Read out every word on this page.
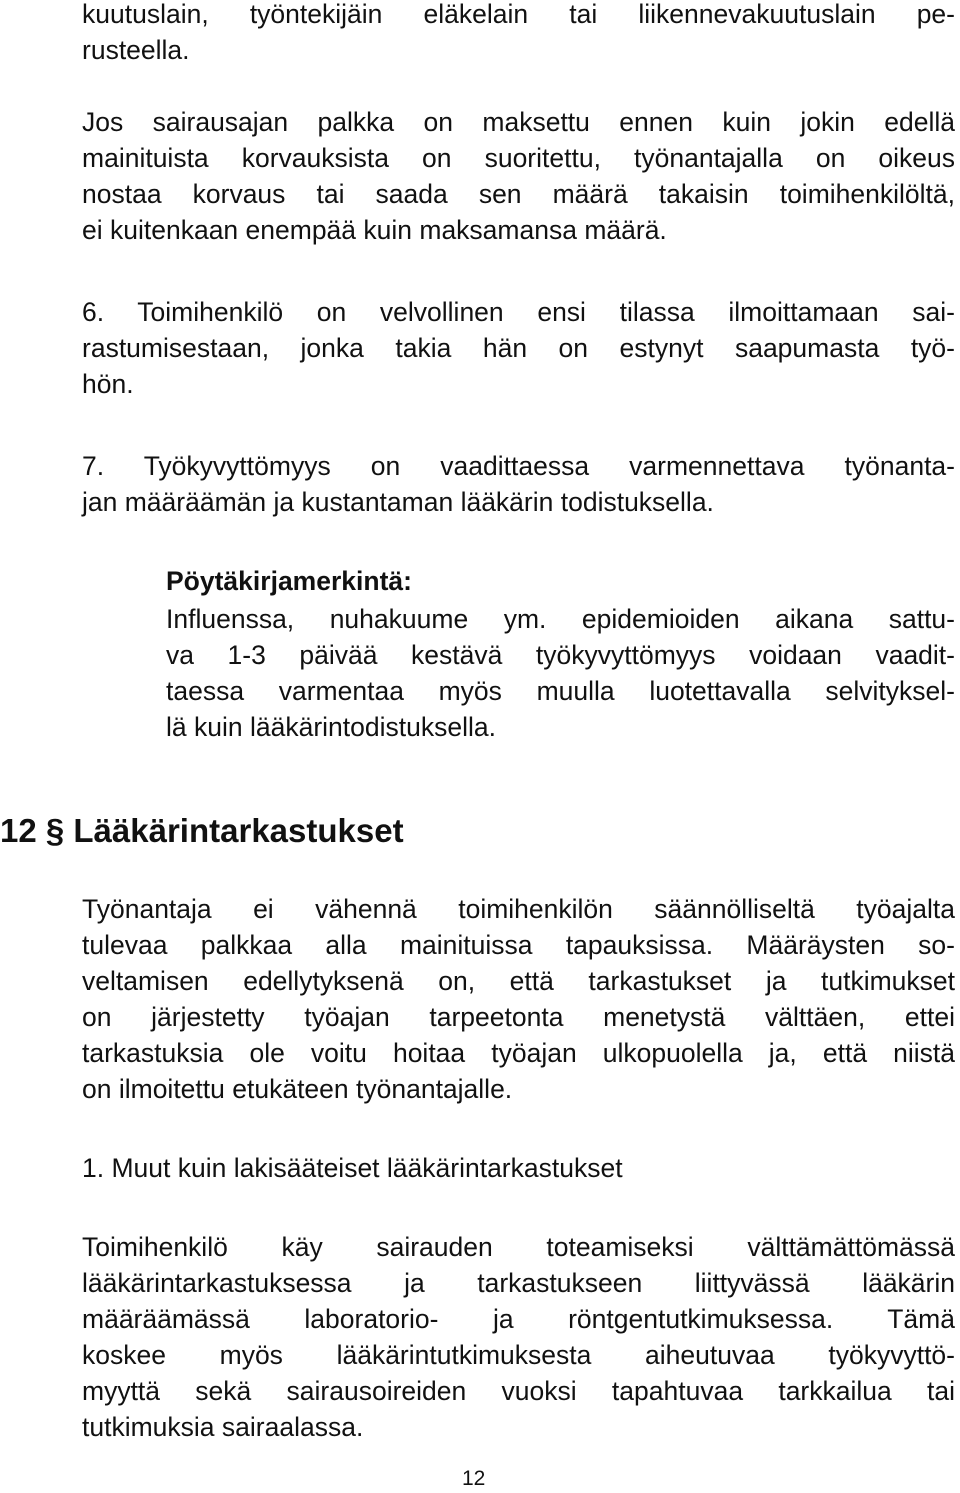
kuutuslain, työntekijäin eläkelain tai liikennevakuutuslain pe-

rusteella.

Jos sairausajan palkka on maksettu ennen kuin jokin edellä

mainituista korvauksista on suoritettu, työnantajalla on oikeus

nostaa korvaus tai saada sen määrä takaisin toimihenkilöltä,

ei kuitenkaan enempää kuin maksamansa määrä.

6. Toimihenkilö on velvollinen ensi tilassa ilmoittamaan sai-

rastumisestaan, jonka takia hän on estynyt saapumasta työ-

hön.

7. Työkyvyttömyys on vaadittaessa varmennettava työnanta-

jan määräämän ja kustantaman lääkärin todistuksella.

Pöytäkirjamerkintä:

Influenssa, nuhakuume ym. epidemioiden aikana sattu-

va 1-3 päivää kestävä työkyvyttömyys voidaan vaadit-

taessa varmentaa myös muulla luotettavalla selvityksel-

lä kuin lääkärintodistuksella.

12 § Lääkärintarkastukset

Työnantaja ei vähennä toimihenkilön säännölliseltä työajalta

tulevaa palkkaa alla mainituissa tapauksissa. Määräysten so-

veltamisen edellytyksenä on, että tarkastukset ja tutkimukset

on järjestetty työajan tarpeetonta menetystä välttäen, ettei

tarkastuksia ole voitu hoitaa työajan ulkopuolella ja, että niistä

on ilmoitettu etukäteen työnantajalle.

1. Muut kuin lakisääteiset lääkärintarkastukset

Toimihenkilö käy sairauden toteamiseksi välttämättömässä

lääkärintarkastuksessa ja tarkastukseen liittyvässä lääkärin

määräämässä laboratorio- ja röntgentutkimuksessa. Tämä

koskee myös lääkärintutkimuksesta aiheutuvaa työkyvyttö-

myyttä sekä sairausoireiden vuoksi tapahtuvaa tarkkailua tai

tutkimuksia sairaalassa.

12
